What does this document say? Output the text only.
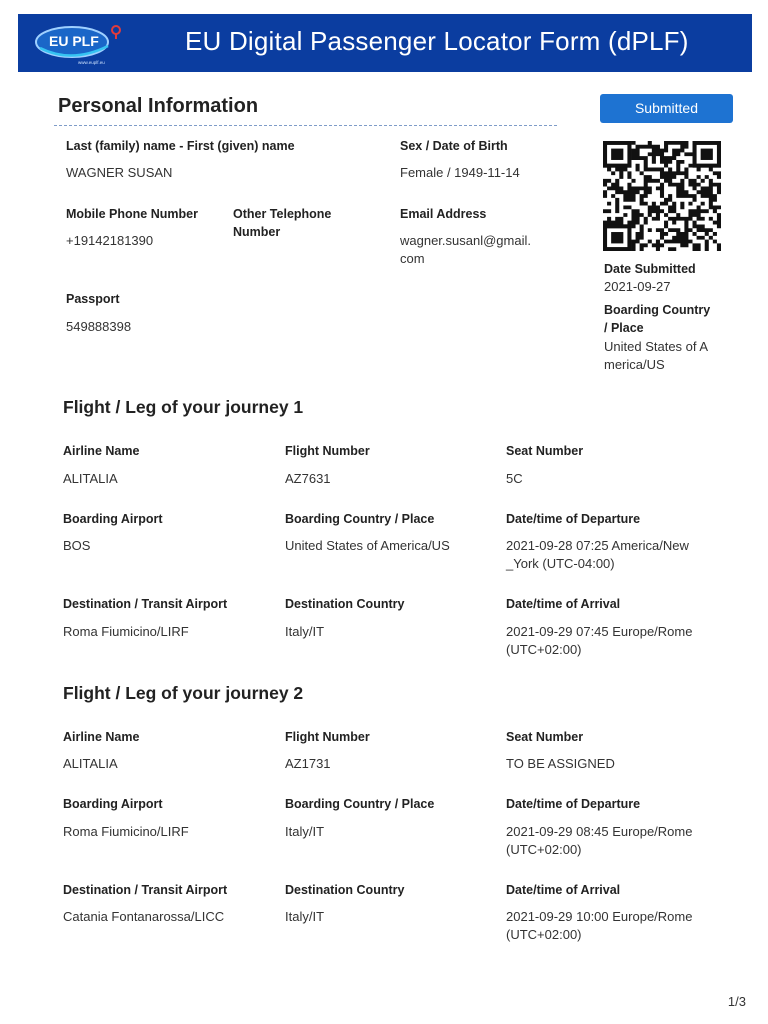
EU PLF
www.euplf.eu
EU Digital Passenger Locator Form (dPLF)
Personal Information	Submitted
Last (family) name - First (given) name
WAGNER SUSAN
Sex / Date of Birth
Female / 1949-11-14
Mobile Phone Number
+19142181390
Other Telephone
Number
Email Address
wagner.susanl@gmail.
com
Passport
549888398
Date Submitted
2021-09-27
Boarding Country
/ Place
United States of A
merica/US
Flight / Leg of your journey 1
Airline Name
ALITALIA
Flight Number
AZ7631
Seat Number
5C
Boarding Airport
BOS
Boarding Country / Place
United States of America/US
Date/time of Departure
2021-09-28 07:25 America/New
_York (UTC-04:00)
Destination / Transit Airport
Roma Fiumicino/LIRF
Destination Country
Italy/IT
Date/time of Arrival
2021-09-29 07:45 Europe/Rome
(UTC+02:00)
Flight / Leg of your journey 2
Airline Name
ALITALIA
Flight Number
AZ1731
Seat Number
TO BE ASSIGNED
Boarding Airport
Roma Fiumicino/LIRF
Boarding Country / Place
Italy/IT
Date/time of Departure
2021-09-29 08:45 Europe/Rome
(UTC+02:00)
Destination / Transit Airport
Catania Fontanarossa/LICC
Destination Country
Italy/IT
Date/time of Arrival
2021-09-29 10:00 Europe/Rome
(UTC+02:00)
1/3
